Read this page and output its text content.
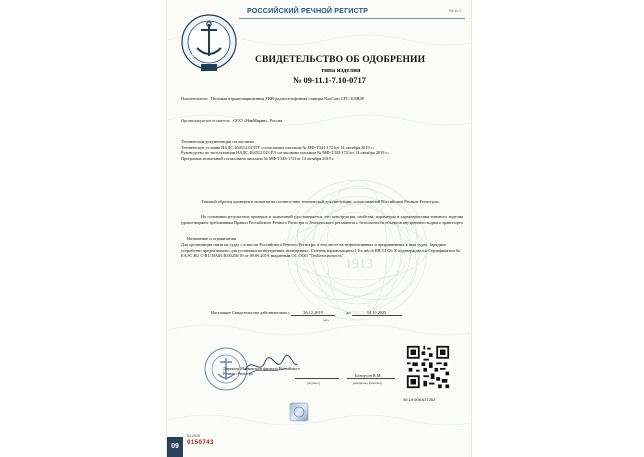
1913
1913
РОССИЙСКИЙ РЕЧНОЙ РЕГИСТР	09-11.1
СВИДЕТЕЛЬСТВО ОБ ОДОБРЕНИИ
типа изделия
№ 09-11.1-7.10-0717
Наименование Носимая взрывозащищенная УКВ-радиотелефонная станция NavCom CPC-303BЗР
Организация-изготовитель ООО «НавМарин», Россия
Техническая документация согласована
Технические условия НАДС.464512.023ТУ согласованы письмом № МФ-Т343-1721от 14 октября 2019 г.;
Руководство по эксплуатации НАДС.464512.023 РЭ согласовано письмом № МФ-Т343-1721от 14 октября 2019 г.;
Программа испытаний согласована письмом № МФ-Т343-1721от 14 октября 2019 г.
Типовой образец проверен и испытан на соответствие технической документации, согласованной Российским Речным Регистром.
На основании результатов проверок и испытаний удостоверяется, что конструкция, свойства, параметры и характеристики типового изделия удовлетворяют требованиям Правил Российского Речного Регистра и Технического регламента о безопасности объектов внутреннего водного транспорта
Назначение и ограничения
Для организации связи на судах с классом Российского Речного Регистра, в том числе на нефтеналивных и приравненных к ним судах. Зарядное устройство предназначено для установки во внутренних помещениях. Степень взрывозащиты 1 Ex mb ib IIB T4 Gb X подтверждается Сертификатом № ЕАЭС RU C-RU.HA65.B.00256/19 от 09.09.2019, выданным ОС ООО "ТехБезопасность".
Настоящее Свидетельство действительно с	26.12.2019	до	14.10.2025
дата
Директор Московского филиала Российского Речного Регистра
(подпись)
Белоусов В.М.
(инициалы, фамилия)
09.19.008.617252
09
01.2019
0150743
